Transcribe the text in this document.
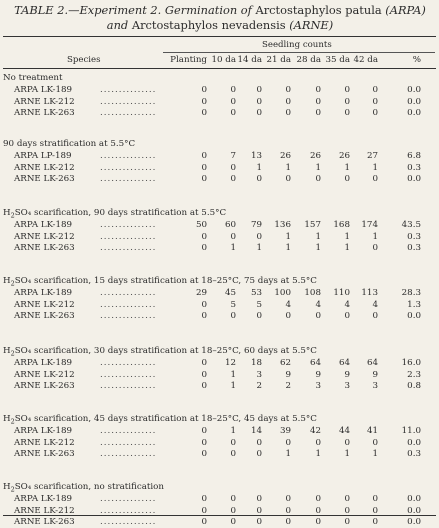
TABLE 2.—Experiment 2. Germination of Arctostaphylos patula (ARPA)
and Arctostaphylos nevadensis (ARNE)
Seedling counts
Species	Planting 10 da 14 da 21 da 28 da 35 da 42 da	%
No treatment
ARPA LK-189	...............	0	0	0	0	0	0	0	0.0
ARNE LK-212	...............	0	0	0	0	0	0	0	0.0
ARNE LK-263	...............	0	0	0	0	0	0	0	0.0
90 days stratification at 5.5°C
ARPA LP-189	...............	0	7	13	26	26	26	27	6.8
ARNE LK-212	...............	0	0	1	1	1	1	1	0.3
ARNE LK-263	...............	0	0	0	0	0	0	0	0.0
$H_2SO_4$ scarification, 90 days stratification at 5.5°C
ARPA LK-189	...............	50	60	79	136	157	168	174	43.5
ARNE LK-212	...............	0	0	0	1	1	1	1	0.3
ARNE LK-263	...............	0	1	1	1	1	1	0	0.3
$H_2SO_4$ scarification, 15 days stratification at 18–25°C, 75 days at 5.5°C
ARPA LK-189	...............	29	45	53	100	108	110	113	28.3
ARNE LK-212	...............	0	5	5	4	4	4	4	1.3
ARNE LK-263	...............	0	0	0	0	0	0	0	0.0
$H_2SO_4$ scarification, 30 days stratification at 18–25°C, 60 days at 5.5°C
ARPA LK-189	...............	0	12	18	62	64	64	64	16.0
ARNE LK-212	...............	0	1	3	9	9	9	9	2.3
ARNE LK-263	...............	0	1	2	2	3	3	3	0.8
$H_2SO_4$ scarification, 45 days stratification at 18–25°C, 45 days at 5.5°C
ARPA LK-189	...............	0	1	14	39	42	44	41	11.0
ARNE LK-212	...............	0	0	0	0	0	0	0	0.0
ARNE LK-263	...............	0	0	0	1	1	1	1	0.3
$H_2SO_4$ scarification, no stratification
ARPA LK-189	...............	0	0	0	0	0	0	0	0.0
ARNE LK-212	...............	0	0	0	0	0	0	0	0.0
ARNE LK-263	...............	0	0	0	0	0	0	0	0.0
